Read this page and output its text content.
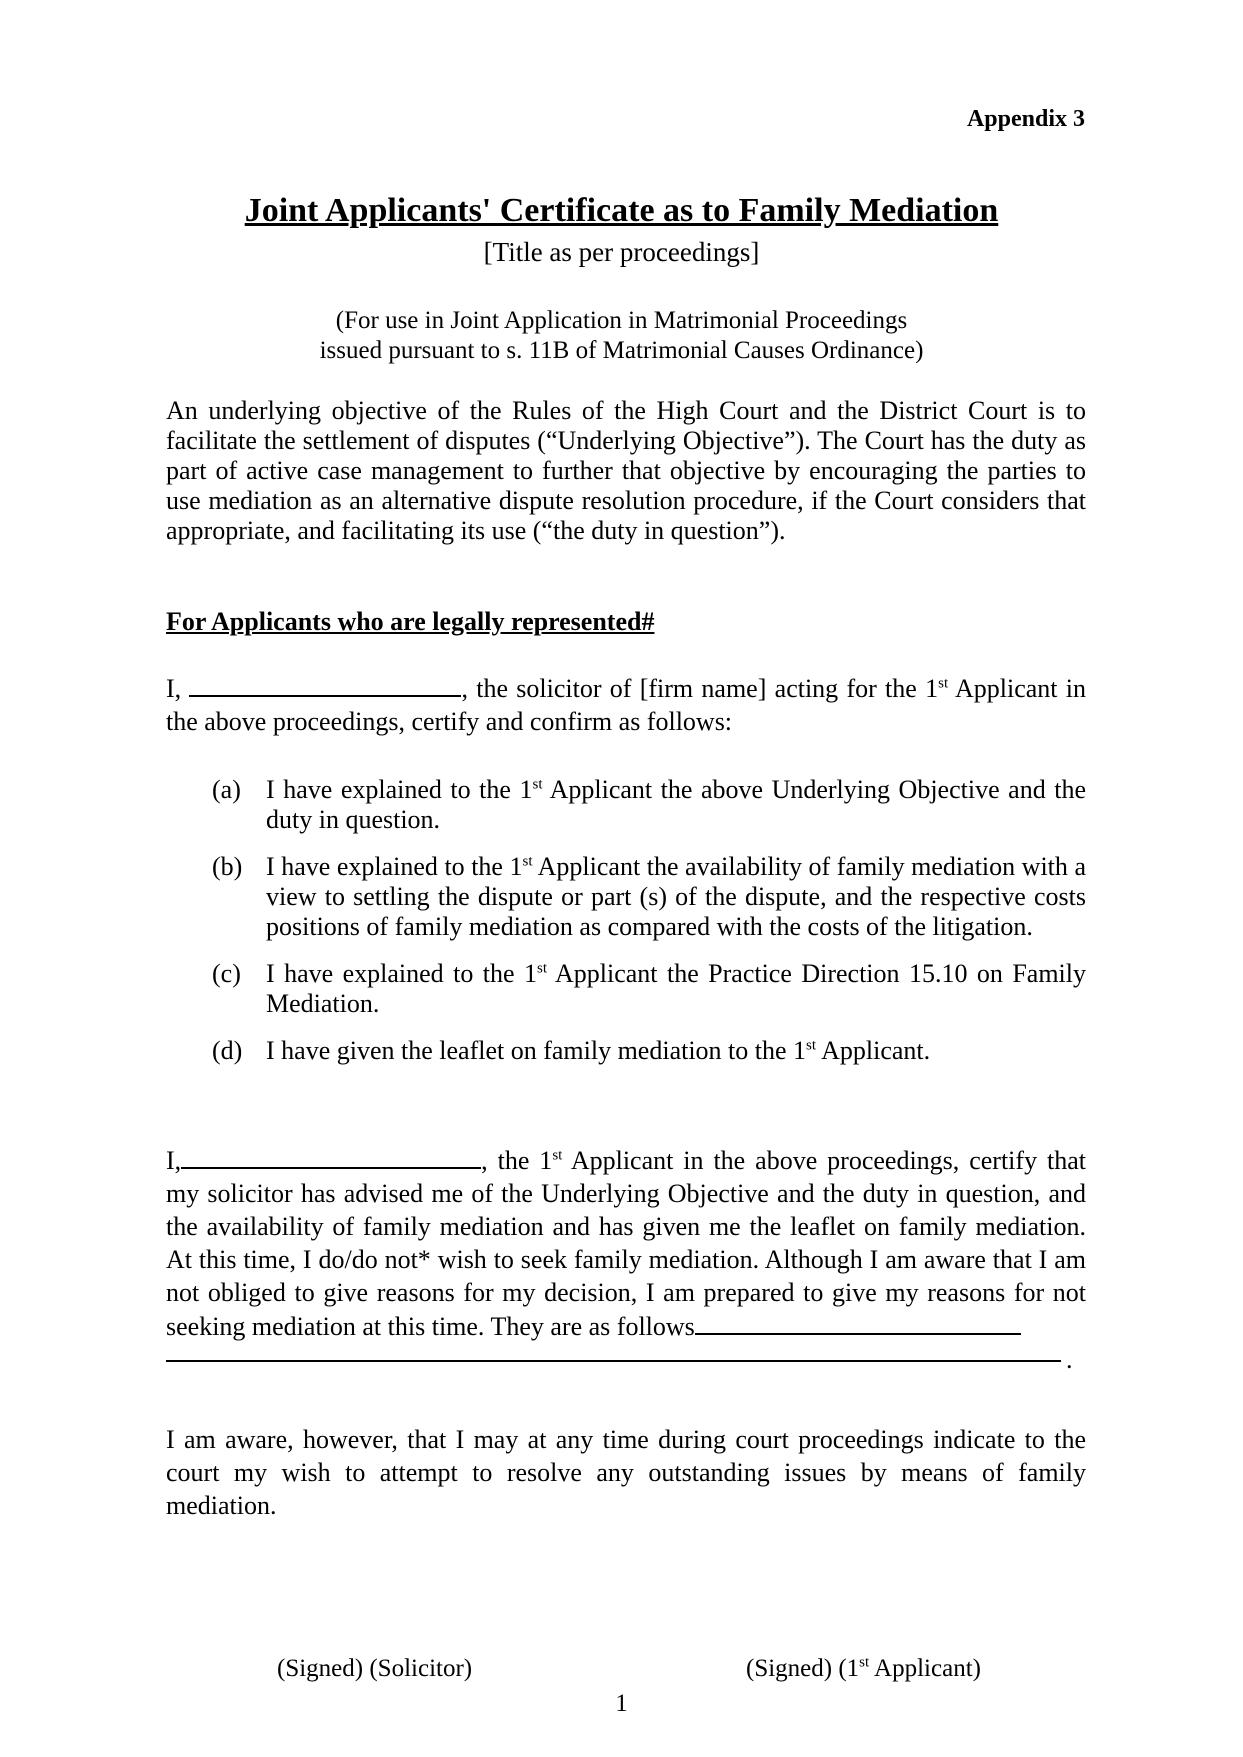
Appendix 3
Joint Applicants' Certificate as to Family Mediation
[Title as per proceedings]
(For use in Joint Application in Matrimonial Proceedings
issued pursuant to s. 11B of Matrimonial Causes Ordinance)

An underlying objective of the Rules of the High Court and the District Court is to facilitate the settlement of disputes (“Underlying Objective”). The Court has the duty as part of active case management to further that objective by encouraging the parties to use mediation as an alternative dispute resolution procedure, if the Court considers that appropriate, and facilitating its use (“the duty in question”).

For Applicants who are legally represented#

I,	, the solicitor of [firm name] acting for the 1st Applicant in the above proceedings, certify and confirm as follows:

(a) I have explained to the 1st Applicant the above Underlying Objective and the duty in question.
(b) I have explained to the 1st Applicant the availability of family mediation with a view to settling the dispute or part (s) of the dispute, and the respective costs positions of family mediation as compared with the costs of the litigation.
(c) I have explained to the 1st Applicant the Practice Direction 15.10 on Family Mediation.
(d) I have given the leaflet on family mediation to the 1st Applicant.

I,	, the 1st Applicant in the above proceedings, certify that my solicitor has advised me of the Underlying Objective and the duty in question, and the availability of family mediation and has given me the leaflet on family mediation. At this time, I do/do not* wish to seek family mediation. Although I am aware that I am not obliged to give reasons for my decision, I am prepared to give my reasons for not seeking mediation at this time. They are as follows

.

I am aware, however, that I may at any time during court proceedings indicate to the court my wish to attempt to resolve any outstanding issues by means of family mediation.

(Signed) (Solicitor)	(Signed) (1st Applicant)
1
